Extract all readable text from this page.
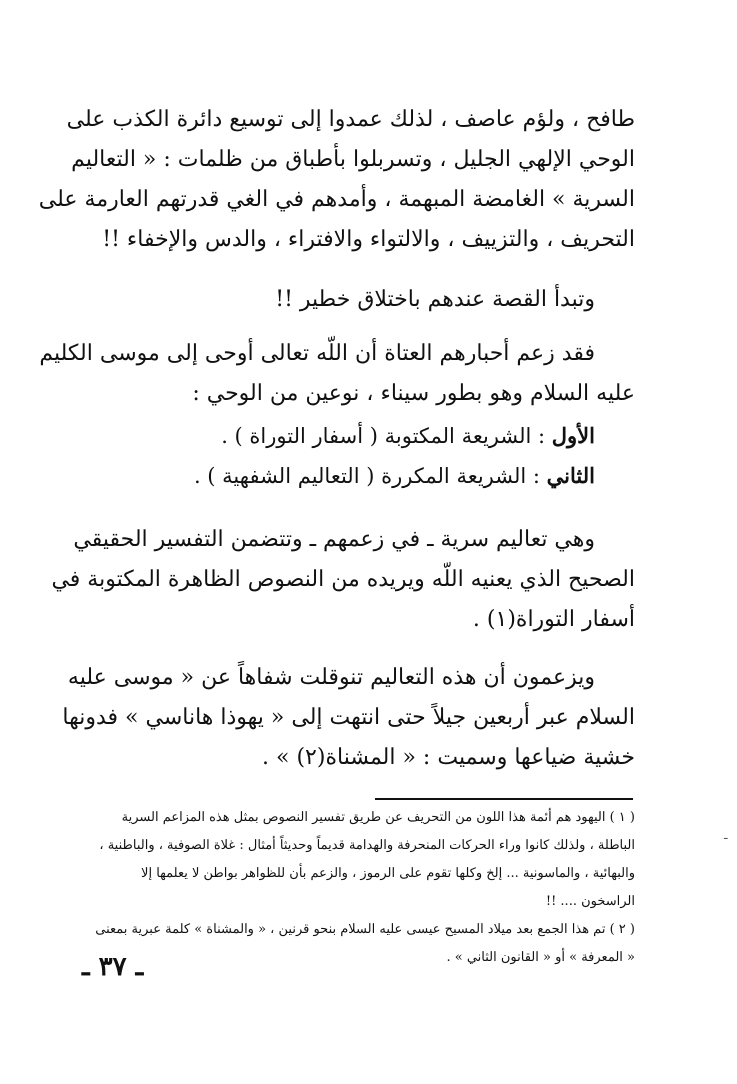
طافح ، ولؤم عاصف ، لذلك عمدوا إلى توسيع دائرة الكذب على
الوحي الإلهي الجليل ، وتسربلوا بأطباق من ظلمات : « التعاليم
السرية » الغامضة المبهمة ، وأمدهم في الغي قدرتهم العارمة على
التحريف ، والتزييف ، والالتواء والافتراء ، والدس والإخفاء !!
وتبدأ القصة عندهم باختلاق خطير !!
فقد زعم أحبارهم العتاة أن اللّه تعالى أوحى إلى موسى الكليم
عليه السلام وهو بطور سيناء ، نوعين من الوحي :
الأول : الشريعة المكتوبة ( أسفار التوراة ) .
الثاني : الشريعة المكررة ( التعاليم الشفهية ) .
وهي تعاليم سرية ـ في زعمهم ـ وتتضمن التفسير الحقيقي
الصحيح الذي يعنيه اللّه ويريده من النصوص الظاهرة المكتوبة في
أسفار التوراة(١) .
ويزعمون أن هذه التعاليم تنوقلت شفاهاً عن « موسى عليه
السلام عبر أربعين جيلاً حتى انتهت إلى « يهوذا هاناسي » فدونها
خشية ضياعها وسميت : « المشناة(٢) » .
( ١ ) اليهود هم أئمة هذا اللون من التحريف عن طريق تفسير النصوص بمثل هذه المزاعم السرية
الباطلة ، ولذلك كانوا وراء الحركات المنحرفة والهدامة قديماً وحديثاً أمثال : غلاة الصوفية ، والباطنية ،
والبهائية ، والماسونية ... إلخ وكلها تقوم على الرموز ، والزعم بأن للظواهر بواطن لا يعلمها إلا
الراسخون .... !!
( ٢ ) تم هذا الجمع بعد ميلاد المسيح عيسى عليه السلام بنحو قرنين ، « والمشناة » كلمة عبرية بمعنى
« المعرفة » أو « القانون الثاني » .
ـ ٣٧ ـ
ـ
